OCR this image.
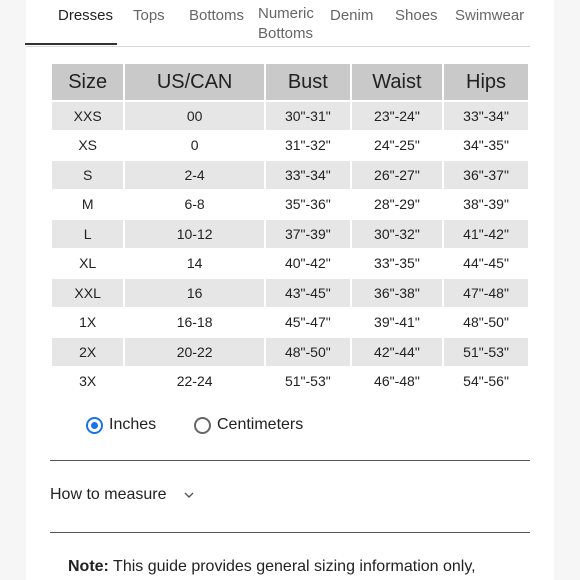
Dresses Tops Bottoms Numeric
Bottoms
Denim Shoes Swimwear
Size	US/CAN	Bust	Waist	Hips
XXS	00	30"-31"	23"-24"	33"-34"
XS	0	31"-32"	24"-25"	34"-35"
S	2-4	33"-34"	26"-27"	36"-37"
M	6-8	35"-36"	28"-29"	38"-39"
L	10-12	37"-39"	30"-32"	41"-42"
XL	14	40"-42"	33"-35"	44"-45"
XXL	16	43"-45"	36"-38"	47"-48"
1X	16-18	45"-47"	39"-41"	48"-50"
2X	20-22	48"-50"	42"-44"	51"-53"
3X	22-24	51"-53"	46"-48"	54"-56"
Inches	Centimeters
How to measure
Note: This guide provides general sizing information only,
